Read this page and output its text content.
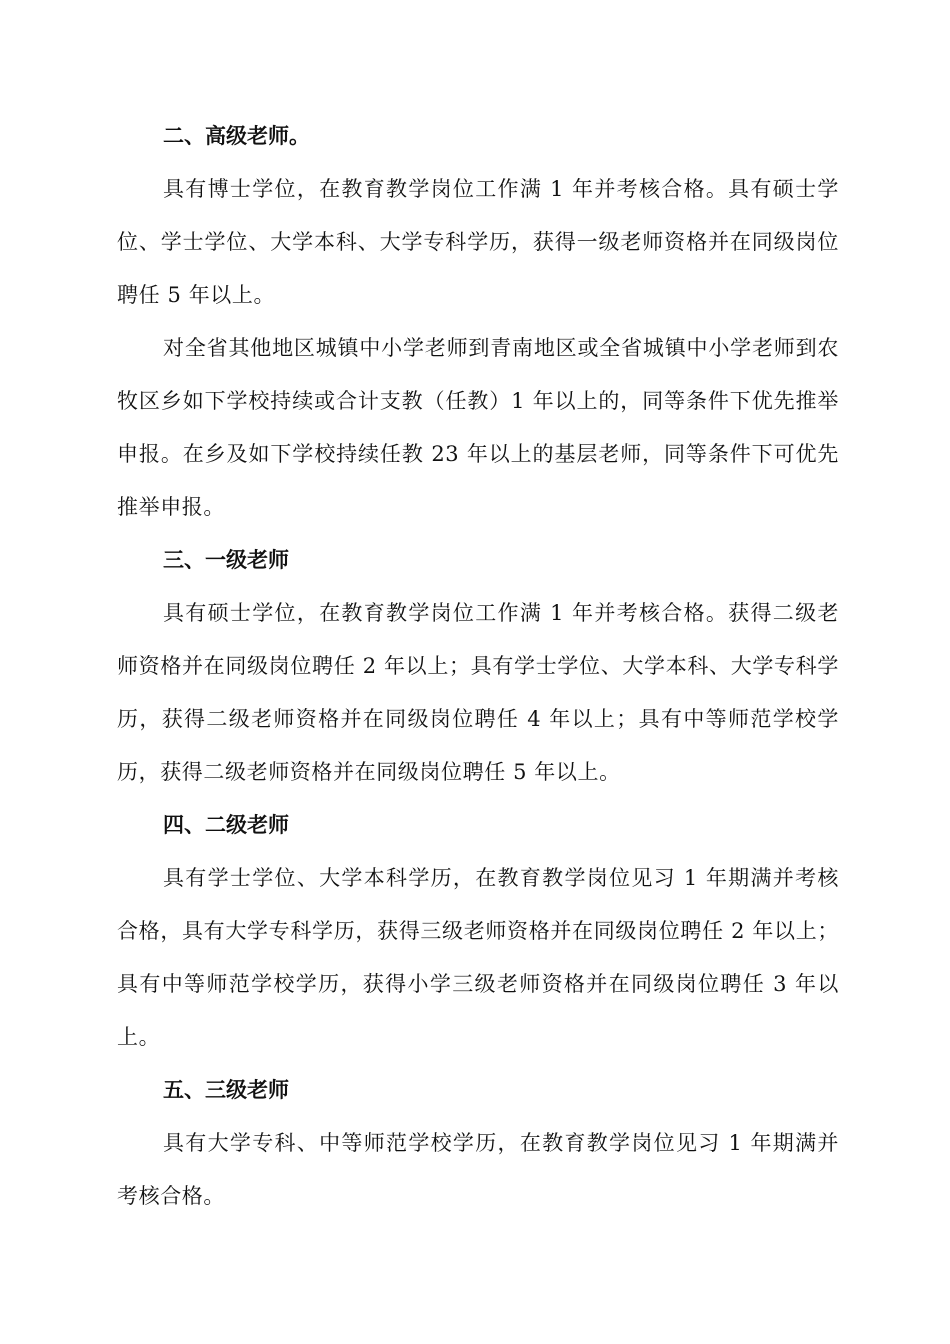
二、高级老师。

具有博士学位，在教育教学岗位工作满 1 年并考核合格。具有硕士学位、学士学位、大学本科、大学专科学历，获得一级老师资格并在同级岗位聘任 5 年以上。

对全省其他地区城镇中小学老师到青南地区或全省城镇中小学老师到农牧区乡如下学校持续或合计支教（任教）1 年以上的，同等条件下优先推举申报。在乡及如下学校持续任教 23 年以上的基层老师，同等条件下可优先推举申报。

三、一级老师

具有硕士学位，在教育教学岗位工作满 1 年并考核合格。获得二级老师资格并在同级岗位聘任 2 年以上；具有学士学位、大学本科、大学专科学历，获得二级老师资格并在同级岗位聘任 4 年以上；具有中等师范学校学历，获得二级老师资格并在同级岗位聘任 5 年以上。

四、二级老师

具有学士学位、大学本科学历，在教育教学岗位见习 1 年期满并考核合格，具有大学专科学历，获得三级老师资格并在同级岗位聘任 2 年以上；具有中等师范学校学历，获得小学三级老师资格并在同级岗位聘任 3 年以上。

五、三级老师

具有大学专科、中等师范学校学历，在教育教学岗位见习 1 年期满并考核合格。
